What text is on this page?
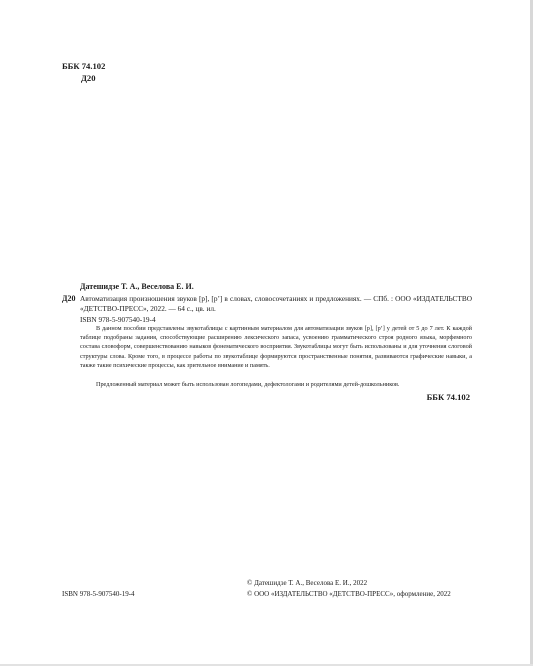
ББК 74.102
Д20
Датешидзе Т. А., Веселова Е. И.
Д20 Автоматизация произношения звуков [р], [р’] в словах, словосочетаниях и предложениях. — СПб. : ООО «ИЗДАТЕЛЬСТВО «ДЕТСТВО-ПРЕСС», 2022. — 64 с., цв. ил.
ISBN 978-5-907540-19-4
В данном пособии представлены звукотаблицы с картинным материалом для автоматизации звуков [р], [р’] у детей от 5 до 7 лет. К каждой таблице подобраны задания, способствующие расширению лексического запаса, усвоению грамматического строя родного языка, морфемного состава словоформ, совершенствованию навыков фонематического восприятия. Звукотаблицы могут быть использованы и для уточнения слоговой структуры слова. Кроме того, в процессе работы по звукотаблице формируются пространственные понятия, развиваются графические навыки, а также такие психические процессы, как зрительное внимание и память.
Предложенный материал может быть использован логопедами, дефектологами и родителями детей-дошкольников.
ББК 74.102
ISBN 978-5-907540-19-4
© Датешидзе Т. А., Веселова Е. И., 2022
© ООО «ИЗДАТЕЛЬСТВО «ДЕТСТВО-ПРЕСС», оформление, 2022
